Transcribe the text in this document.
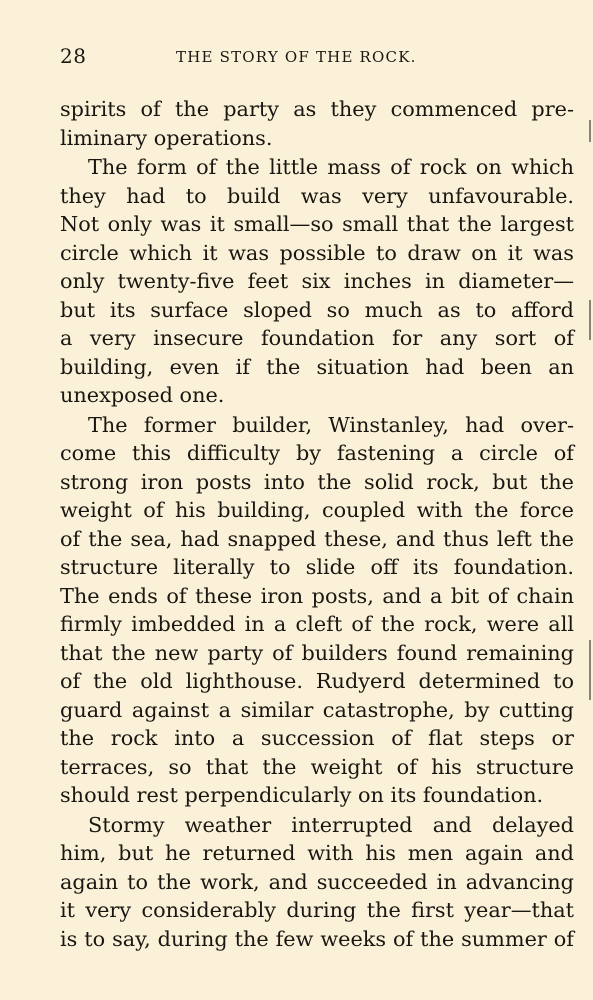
28	THE STORY OF THE ROCK.

spirits of the party as they commenced pre-
liminary operations.

The form of the little mass of rock on which
they had to build was very unfavourable.
Not only was it small—so small that the largest
circle which it was possible to draw on it was
only twenty-five feet six inches in diameter—
but its surface sloped so much as to afford
a very insecure foundation for any sort of
building, even if the situation had been an
unexposed one.

The former builder, Winstanley, had over-
come this difficulty by fastening a circle of
strong iron posts into the solid rock, but the
weight of his building, coupled with the force
of the sea, had snapped these, and thus left the
structure literally to slide off its foundation.
The ends of these iron posts, and a bit of chain
firmly imbedded in a cleft of the rock, were all
that the new party of builders found remaining
of the old lighthouse. Rudyerd determined to
guard against a similar catastrophe, by cutting
the rock into a succession of flat steps or
terraces, so that the weight of his structure
should rest perpendicularly on its foundation.

Stormy weather interrupted and delayed
him, but he returned with his men again and
again to the work, and succeeded in advancing
it very considerably during the first year—that
is to say, during the few weeks of the summer of
